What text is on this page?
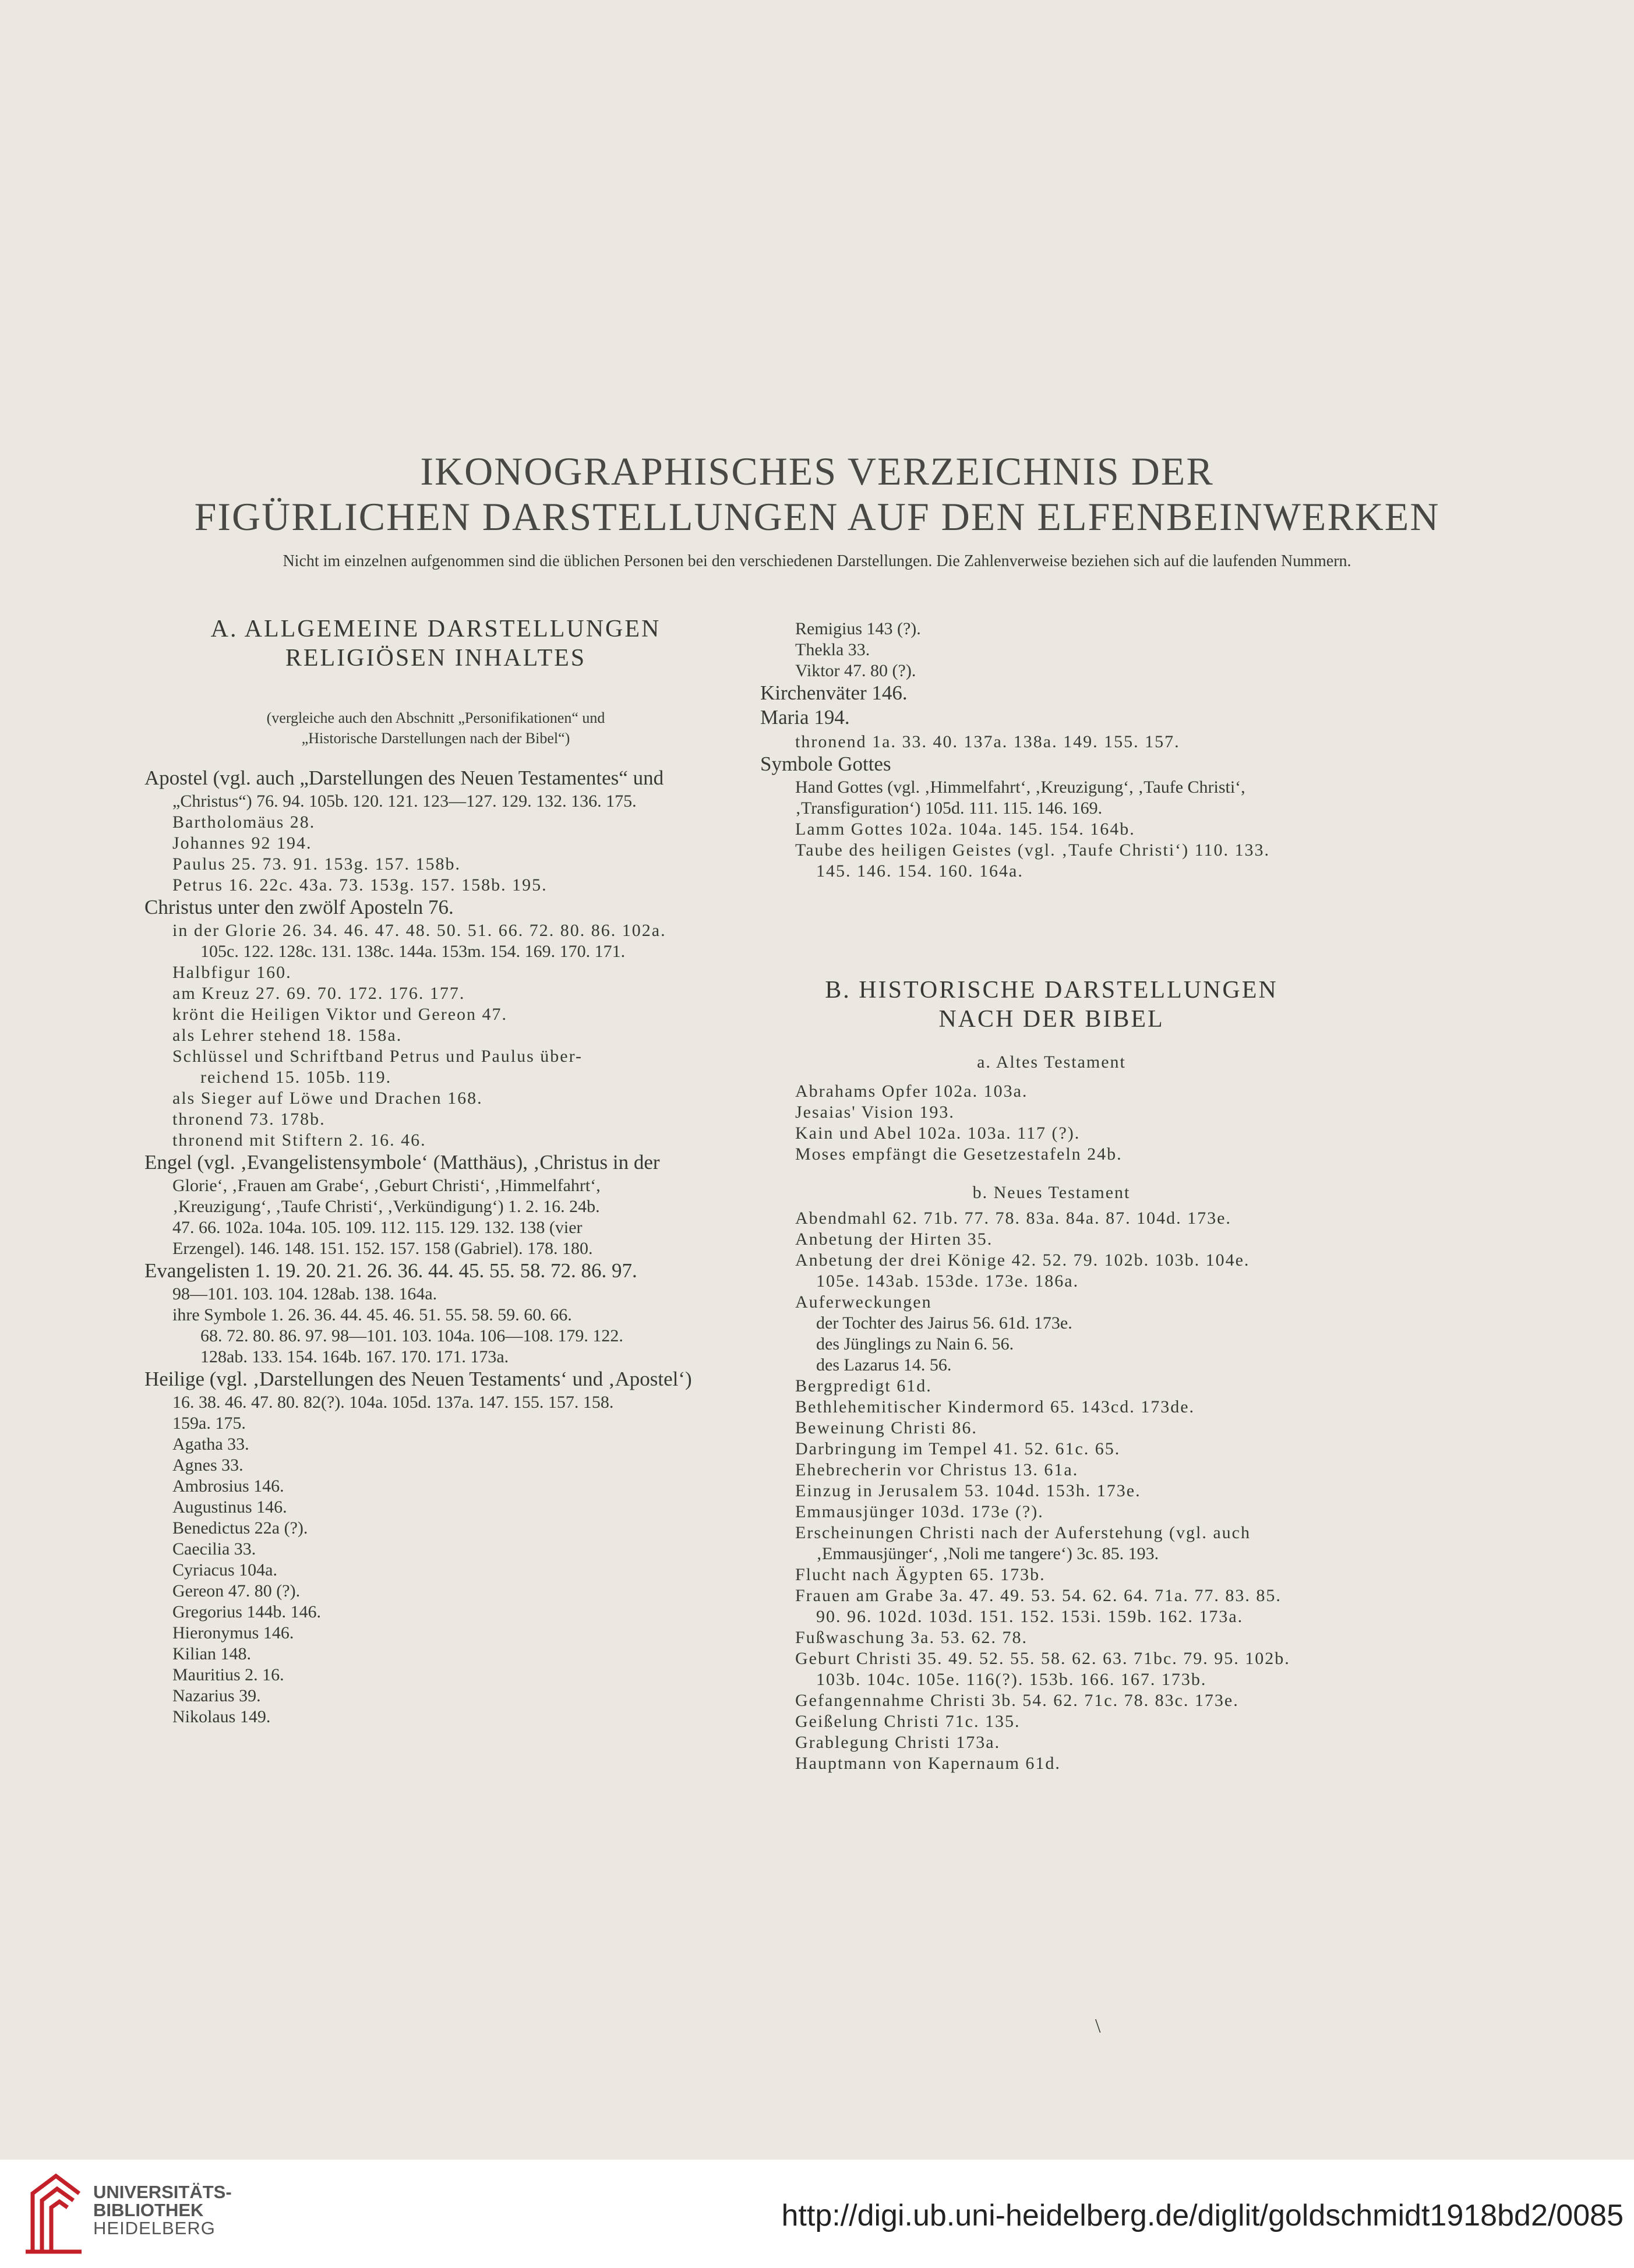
IKONOGRAPHISCHES VERZEICHNIS DER
FIGÜRLICHEN DARSTELLUNGEN AUF DEN ELFENBEINWERKEN

Nicht im einzelnen aufgenommen sind die üblichen Personen bei den verschiedenen Darstellungen. Die Zahlenverweise beziehen sich auf die laufenden Nummern.

A. ALLGEMEINE DARSTELLUNGEN

RELIGIÖSEN INHALTES

(vergleiche auch den Abschnitt „Personifikationen“ und

„Historische Darstellungen nach der Bibel“)

Apostel (vgl. auch „Darstellungen des Neuen Testamentes“ und

„Christus“) 76. 94. 105b. 120. 121. 123—127. 129. 132. 136. 175.

Bartholomäus 28.

Johannes 92 194.

Paulus 25. 73. 91. 153g. 157. 158b.

Petrus 16. 22c. 43a. 73. 153g. 157. 158b. 195.

Christus unter den zwölf Aposteln 76.

in der Glorie 26. 34. 46. 47. 48. 50. 51. 66. 72. 80. 86. 102a.

105c. 122. 128c. 131. 138c. 144a. 153m. 154. 169. 170. 171.

Halbfigur 160.

am Kreuz 27. 69. 70. 172. 176. 177.

krönt die Heiligen Viktor und Gereon 47.

als Lehrer stehend 18. 158a.

Schlüssel und Schriftband Petrus und Paulus über-

reichend 15. 105b. 119.

als Sieger auf Löwe und Drachen 168.

thronend 73. 178b.

thronend mit Stiftern 2. 16. 46.

Engel (vgl. ‚Evangelistensymbole‘ (Matthäus), ‚Christus in der

Glorie‘, ‚Frauen am Grabe‘, ‚Geburt Christi‘, ‚Himmelfahrt‘,

‚Kreuzigung‘, ‚Taufe Christi‘, ‚Verkündigung‘) 1. 2. 16. 24b.

47. 66. 102a. 104a. 105. 109. 112. 115. 129. 132. 138 (vier

Erzengel). 146. 148. 151. 152. 157. 158 (Gabriel). 178. 180.

Evangelisten 1. 19. 20. 21. 26. 36. 44. 45. 55. 58. 72. 86. 97.

98—101. 103. 104. 128ab. 138. 164a.

ihre Symbole 1. 26. 36. 44. 45. 46. 51. 55. 58. 59. 60. 66.

68. 72. 80. 86. 97. 98—101. 103. 104a. 106—108. 179. 122.

128ab. 133. 154. 164b. 167. 170. 171. 173a.

Heilige (vgl. ‚Darstellungen des Neuen Testaments‘ und ‚Apostel‘)

16. 38. 46. 47. 80. 82(?). 104a. 105d. 137a. 147. 155. 157. 158.

159a. 175.

Agatha 33.

Agnes 33.

Ambrosius 146.

Augustinus 146.

Benedictus 22a (?).

Caecilia 33.

Cyriacus 104a.

Gereon 47. 80 (?).

Gregorius 144b. 146.

Hieronymus 146.

Kilian 148.

Mauritius 2. 16.

Nazarius 39.

Nikolaus 149.

Remigius 143 (?).

Thekla 33.

Viktor 47. 80 (?).

Kirchenväter 146.

Maria 194.

thronend 1a. 33. 40. 137a. 138a. 149. 155. 157.

Symbole Gottes

Hand Gottes (vgl. ‚Himmelfahrt‘, ‚Kreuzigung‘, ‚Taufe Christi‘,

‚Transfiguration‘) 105d. 111. 115. 146. 169.

Lamm Gottes 102a. 104a. 145. 154. 164b.

Taube des heiligen Geistes (vgl. ‚Taufe Christi‘) 110. 133.

145. 146. 154. 160. 164a.

B. HISTORISCHE DARSTELLUNGEN

NACH DER BIBEL

a. Altes Testament

Abrahams Opfer 102a. 103a.

Jesaias' Vision 193.

Kain und Abel 102a. 103a. 117 (?).

Moses empfängt die Gesetzestafeln 24b.

b. Neues Testament

Abendmahl 62. 71b. 77. 78. 83a. 84a. 87. 104d. 173e.

Anbetung der Hirten 35.

Anbetung der drei Könige 42. 52. 79. 102b. 103b. 104e.

105e. 143ab. 153de. 173e. 186a.

Auferweckungen

der Tochter des Jairus 56. 61d. 173e.

des Jünglings zu Nain 6. 56.

des Lazarus 14. 56.

Bergpredigt 61d.

Bethlehemitischer Kindermord 65. 143cd. 173de.

Beweinung Christi 86.

Darbringung im Tempel 41. 52. 61c. 65.

Ehebrecherin vor Christus 13. 61a.

Einzug in Jerusalem 53. 104d. 153h. 173e.

Emmausjünger 103d. 173e (?).

Erscheinungen Christi nach der Auferstehung (vgl. auch

‚Emmausjünger‘, ‚Noli me tangere‘) 3c. 85. 193.

Flucht nach Ägypten 65. 173b.

Frauen am Grabe 3a. 47. 49. 53. 54. 62. 64. 71a. 77. 83. 85.

90. 96. 102d. 103d. 151. 152. 153i. 159b. 162. 173a.

Fußwaschung 3a. 53. 62. 78.

Geburt Christi 35. 49. 52. 55. 58. 62. 63. 71bc. 79. 95. 102b.

103b. 104c. 105e. 116(?). 153b. 166. 167. 173b.

Gefangennahme Christi 3b. 54. 62. 71c. 78. 83c. 173e.

Geißelung Christi 71c. 135.

Grablegung Christi 173a.

Hauptmann von Kapernaum 61d.

\
UNIVERSITÄTS-
BIBLIOTHEK
HEIDELBERG	http://digi.ub.uni-heidelberg.de/diglit/goldschmidt1918bd2/0085
